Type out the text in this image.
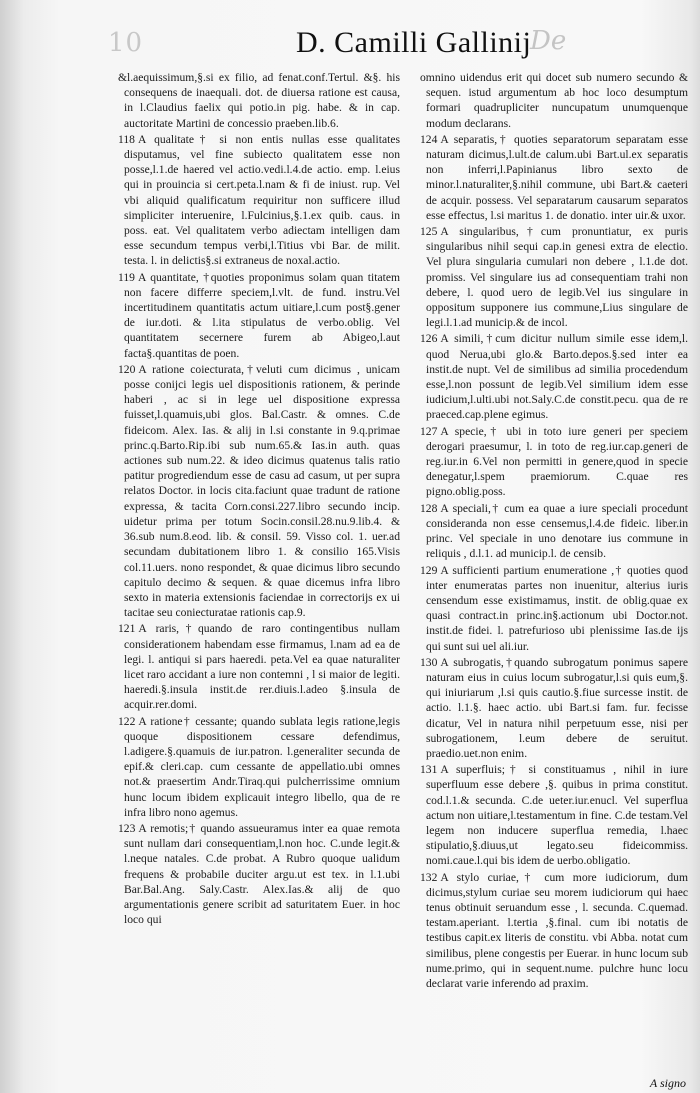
10	D. Camilli Gallinij
De

&l.aequissimum,§.si ex filio, ad fenat.conf.Tertul. &§. his consequens de inaequali. dot. de diuersa ratione est causa, in l.Claudius faelix qui potio.in pig. habe. & in cap. auctoritate Martini de concessio praeben.lib.6.

118 A qualitate† si non entis nullas esse qualitates disputamus, vel fine subiecto qualitatem esse non posse,l.1.de haered vel actio.vedi.l.4.de actio. emp. l.eius qui in prouincia si cert.peta.l.nam & fi de iniust. rup. Vel vbi aliquid qualificatum requiritur non sufficere illud simpliciter interuenire, l.Fulcinius,§.1.ex quib. caus. in poss. eat. Vel qualitatem verbo adiectam intelligen dam esse secundum tempus verbi,l.Titius vbi Bar. de milit. testa. l. in delictis§.si extraneus de noxal.actio.

119 A quantitate, †quoties proponimus solam quan titatem non facere differre speciem,l.vlt. de fund. instru.Vel incertitudinem quantitatis actum uitiare,l.cum post§.gener de iur.doti. & l.ita stipulatus de verbo.oblig. Vel quantitatem secernere furem ab Abigeo,l.aut facta§.quantitas de poen.

120 A ratione coiecturata,†veluti cum dicimus , unicam posse conijci legis uel dispositionis rationem, & perinde haberi , ac si in lege uel dispositione expressa fuisset,l.quamuis,ubi glos. Bal.Castr. & omnes. C.de fideicom. Alex. Ias. & alij in l.si constante in 9.q.primae princ.q.Barto.Rip.ibi sub num.65.& Ias.in auth. quas actiones sub num.22. & ideo dicimus quatenus talis ratio patitur progrediendum esse de casu ad casum, ut per supra relatos Doctor. in locis cita.faciunt quae tradunt de ratione expressa, & tacita Corn.consi.227.libro secundo incip. uidetur prima per totum Socin.consil.28.nu.9.lib.4. & 36.sub num.8.eod. lib. & consil. 59. Visso col. 1. uer.ad secundam dubitationem libro 1. & consilio 165.Visis col.11.uers. nono respondet, & quae dicimus libro secundo capitulo decimo & sequen. & quae dicemus infra libro sexto in materia extensionis faciendae in correctorijs ex ui tacitae seu coniecturatae rationis cap.9.

121 A raris,†quando de raro contingentibus nullam considerationem habendam esse firmamus, l.nam ad ea de legi. l. antiqui si pars haeredi. peta.Vel ea quae naturaliter licet raro accidant a iure non contemni , l si maior de legiti. haeredi.§.insula instit.de rer.diuis.l.adeo §.insula de acquir.rer.domi.

122 A ratione† cessante; quando sublata legis ratione,legis quoque dispositionem cessare defendimus, l.adigere.§.quamuis de iur.patron. l.generaliter secunda de epif.& cleri.cap. cum cessante de appellatio.ubi omnes not.& praesertim Andr.Tiraq.qui pulcherrissime omnium hunc locum ibidem explicauit integro libello, qua de re infra libro nono agemus.

123 A remotis;† quando assueuramus inter ea quae remota sunt nullam dari consequentiam,l.non hoc. C.unde legit.& l.neque natales. C.de probat. A Rubro quoque ualidum frequens & probabile duciter argu.ut est tex. in l.1.ubi Bar.Bal.Ang. Saly.Castr. Alex.Ias.& alij de quo argumentationis genere scribit ad saturitatem Euer. in hoc loco qui

omnino uidendus erit qui docet sub numero secundo & sequen. istud argumentum ab hoc loco desumptum formari quadrupliciter nuncupatum unumquenque modum declarans.

124 A separatis,† quoties separatorum separatam esse naturam dicimus,l.ult.de calum.ubi Bart.ul.ex separatis non inferri,l.Papinianus libro sexto de minor.l.naturaliter,§.nihil commune, ubi Bart.& caeteri de acquir. possess. Vel separatarum causarum separatos esse effectus, l.si maritus 1. de donatio. inter uir.& uxor.

125 A singularibus,†cum pronuntiatur, ex puris singularibus nihil sequi cap.in genesi extra de electio. Vel plura singularia cumulari non debere , l.1.de dot. promiss. Vel singulare ius ad consequentiam trahi non debere, l. quod uero de legib.Vel ius singulare in oppositum supponere ius commune,Lius singulare de legi.l.1.ad municip.& de incol.

126 A simili,†cum dicitur nullum simile esse idem,l. quod Nerua,ubi glo.& Barto.depos.§.sed inter ea instit.de nupt. Vel de similibus ad similia procedendum esse,l.non possunt de legib.Vel similium idem esse iudicium,l.ulti.ubi not.Saly.C.de constit.pecu. qua de re praeced.cap.plene egimus.

127 A specie,† ubi in toto iure generi per speciem derogari praesumur, l. in toto de reg.iur.cap.generi de reg.iur.in 6.Vel non permitti in genere,quod in specie denegatur,l.spem praemiorum. C.quae res pigno.oblig.poss.

128 A speciali,† cum ea quae a iure speciali procedunt consideranda non esse censemus,l.4.de fideic. liber.in princ. Vel speciale in uno denotare ius commune in reliquis , d.l.1. ad municip.l. de censib.

129 A sufficienti partium enumeratione ,† quoties quod inter enumeratas partes non inuenitur, alterius iuris censendum esse existimamus, instit. de oblig.quae ex quasi contract.in princ.in§.actionum ubi Doctor.not. instit.de fidei. l. patrefurioso ubi plenissime Ias.de ijs qui sunt sui uel ali.iur.

130 A subrogatis,†quando subrogatum ponimus sapere naturam eius in cuius locum subrogatur,l.si quis eum,§. qui iniuriarum ,l.si quis cautio.§.fiue surcesse instit. de actio. l.1.§. haec actio. ubi Bart.si fam. fur. fecisse dicatur, Vel in natura nihil perpetuum esse, nisi per subrogationem, l.eum debere de seruitut. praedio.uet.non enim.

131 A superfluis;† si constituamus , nihil in iure superfluum esse debere ,§. quibus in prima constitut. cod.l.1.& secunda. C.de ueter.iur.enucl. Vel superflua actum non uitiare,l.testamentum in fine. C.de testam.Vel legem non inducere superflua remedia, l.haec stipulatio,§.diuus,ut legato.seu fideicommiss. nomi.caue.l.qui bis idem de uerbo.obligatio.

132 A stylo curiae,† cum more iudiciorum, dum dicimus,stylum curiae seu morem iudiciorum qui haec tenus obtinuit seruandum esse , l. secunda. C.quemad. testam.aperiant. l.tertia ,§.final. cum ibi notatis de testibus capit.ex literis de constitu. vbi Abba. notat cum similibus, plene congestis per Euerar. in hunc locum sub nume.primo, qui in sequent.nume. pulchre hunc locu declarat varie inferendo ad praxim.

A signo
